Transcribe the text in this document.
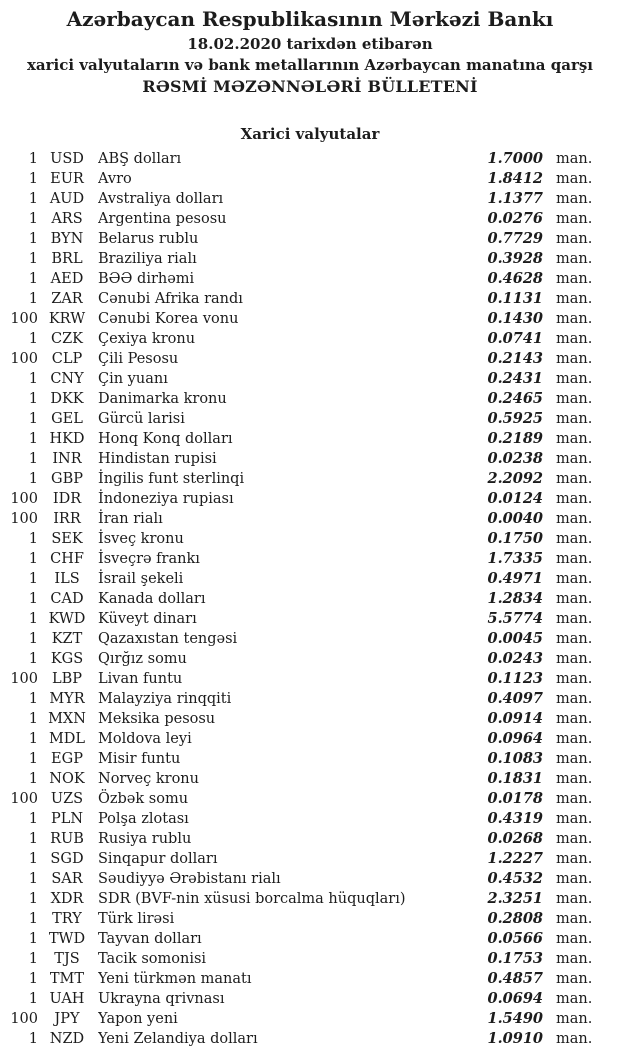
Azərbaycan Respublikasının Mərkəzi Bankı
18.02.2020 tarixdən etibarən
xarici valyutaların və bank metallarının Azərbaycan manatına qarşı
RƏSMİ MƏZƏNNƏLƏRİ BÜLLETENİ
Xarici valyutalar
1 USD ABŞ dolları	1.7000 man.
1 EUR Avro	1.8412 man.
1 AUD Avstraliya dolları	1.1377 man.
1 ARS	Argentina pesosu	0.0276 man.
1 BYN	Belarus rublu	0.7729 man.
1 BRL	Braziliya rialı	0.3928 man.
1 AED	BƏƏ dirhəmi	0.4628 man.
1 ZAR	Cənubi Afrika randı	0.1131 man.
100 KRW Cənubi Korea vonu	0.1430 man.
1 CZK	Çexiya kronu	0.0741 man.
100 CLP	Çili Pesosu	0.2143 man.
1 CNY Çin yuanı	0.2431 man.
1 DKK Danimarka kronu	0.2465 man.
1 GEL	Gürcü larisi	0.5925 man.
1 HKD Honq Konq dolları	0.2189 man.
1 INR	Hindistan rupisi	0.0238 man.
1 GBP	İngilis funt sterlinqi	2.2092 man.
100	IDR	İndoneziya rupiası	0.0124 man.
100	IRR	İran rialı	0.0040 man.
1 SEK	İsveç kronu	0.1750 man.
1 CHF İsveçrə frankı	1.7335 man.
1	ILS	İsrail şekeli	0.4971 man.
1 CAD Kanada dolları	1.2834 man.
1 KWD Küveyt dinarı	5.5774 man.
1 KZT	Qazaxıstan tengəsi	0.0045 man.
1 KGS	Qırğız somu	0.0243 man.
100 LBP	Livan funtu	0.1123 man.
1 MYR Malayziya rinqqiti	0.4097 man.
1 MXN Meksika pesosu	0.0914 man.
1 MDL Moldova leyi	0.0964 man.
1 EGP	Misir funtu	0.1083 man.
1 NOK Norveç kronu	0.1831 man.
100 UZS	Özbək somu	0.0178 man.
1 PLN	Polşa zlotası	0.4319 man.
1 RUB Rusiya rublu	0.0268 man.
1 SGD Sinqapur dolları	1.2227 man.
1 SAR	Səudiyyə Ərəbistanı rialı	0.4532 man.
1 XDR	SDR (BVF-nin xüsusi borcalma hüquqları)	2.3251 man.
1 TRY	Türk lirəsi	0.2808 man.
1 TWD Tayvan dolları	0.0566 man.
1	TJS	Tacik somonisi	0.1753 man.
1 TMT Yeni türkmən manatı	0.4857 man.
1 UAH Ukrayna qrivnası	0.0694 man.
100	JPY	Yapon yeni	1.5490 man.
1 NZD Yeni Zelandiya dolları	1.0910 man.
